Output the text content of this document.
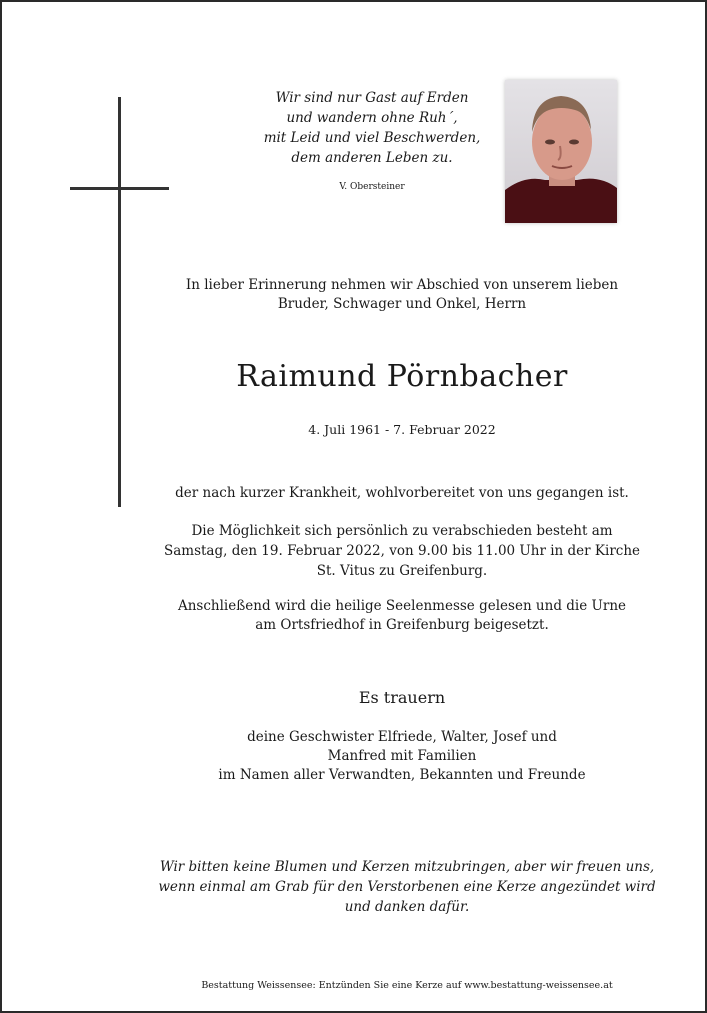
Wir sind nur Gast auf Erden
und wandern ohne Ruh´,
mit Leid und viel Beschwerden,
dem anderen Leben zu.
V. Obersteiner
In lieber Erinnerung nehmen wir Abschied von unserem lieben
Bruder, Schwager und Onkel, Herrn
Raimund Pörnbacher
4. Juli 1961 - 7. Februar 2022
der nach kurzer Krankheit, wohlvorbereitet von uns gegangen ist.
Die Möglichkeit sich persönlich zu verabschieden besteht am
Samstag, den 19. Februar 2022, von 9.00 bis 11.00 Uhr in der Kirche
St. Vitus zu Greifenburg.
Anschließend wird die heilige Seelenmesse gelesen und die Urne
am Ortsfriedhof in Greifenburg beigesetzt.
Es trauern
deine Geschwister Elfriede, Walter, Josef und
Manfred mit Familien
im Namen aller Verwandten, Bekannten und Freunde
Wir bitten keine Blumen und Kerzen mitzubringen, aber wir freuen uns,
wenn einmal am Grab für den Verstorbenen eine Kerze angezündet wird
und danken dafür.
Bestattung Weissensee: Entzünden Sie eine Kerze auf www.bestattung-weissensee.at
